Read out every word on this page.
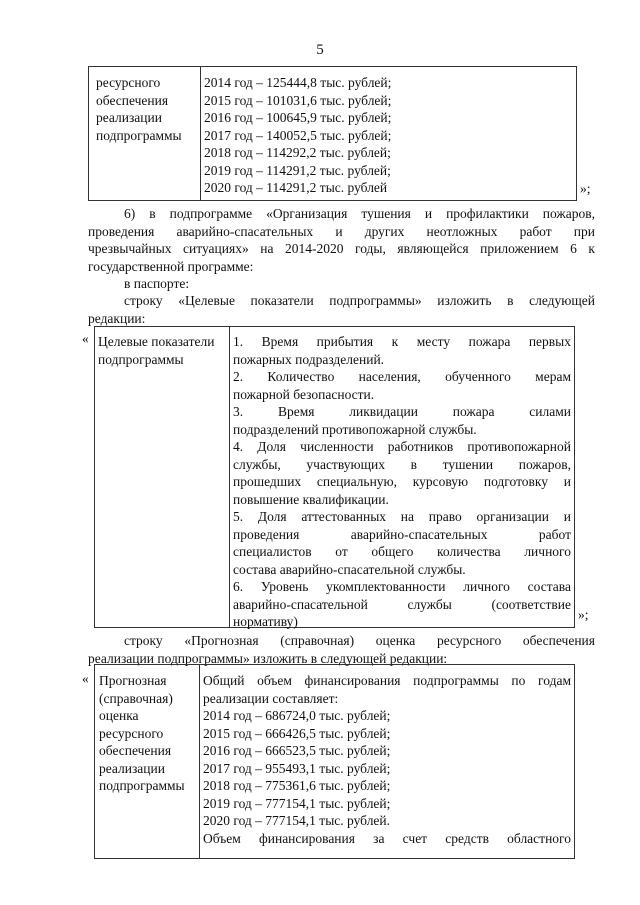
5
ресурсного
обеспечения
реализации
подпрограммы
2014 год – 125444,8 тыс. рублей;
2015 год – 101031,6 тыс. рублей;
2016 год – 100645,9 тыс. рублей;
2017 год – 140052,5 тыс. рублей;
2018 год – 114292,2 тыс. рублей;
2019 год – 114291,2 тыс. рублей;
2020 год – 114291,2 тыс. рублей	»;
6) в подпрограмме «Организация тушения и профилактики пожаров,
проведения аварийно-спасательных и других неотложных работ при
чрезвычайных ситуациях» на 2014-2020 годы, являющейся приложением 6 к
государственной программе:
в паспорте:
строку «Целевые показатели подпрограммы» изложить в следующей
редакции:
« Целевые показатели
подпрограммы
1. Время прибытия к месту пожара первых
пожарных подразделений.
2. Количество населения, обученного мерам
пожарной безопасности.
3. Время ликвидации пожара силами
подразделений противопожарной службы.
4. Доля численности работников противопожарной
службы, участвующих в тушении пожаров,
прошедших специальную, курсовую подготовку и
повышение квалификации.
5. Доля аттестованных на право организации и
проведения аварийно-спасательных работ
специалистов от общего количества личного
состава аварийно-спасательной службы.
6. Уровень укомплектованности личного состава
аварийно-спасательной службы (соответствие
нормативу)	»;
строку «Прогнозная (справочная) оценка ресурсного обеспечения
реализации подпрограммы» изложить в следующей редакции:
« Прогнозная
(справочная)
оценка
ресурсного
обеспечения
реализации
подпрограммы
Общий объем финансирования подпрограммы по годам
реализации составляет:
2014 год – 686724,0 тыс. рублей;
2015 год – 666426,5 тыс. рублей;
2016 год – 666523,5 тыс. рублей;
2017 год – 955493,1 тыс. рублей;
2018 год – 775361,6 тыс. рублей;
2019 год – 777154,1 тыс. рублей;
2020 год – 777154,1 тыс. рублей.
Объем финансирования за счет средств областного
